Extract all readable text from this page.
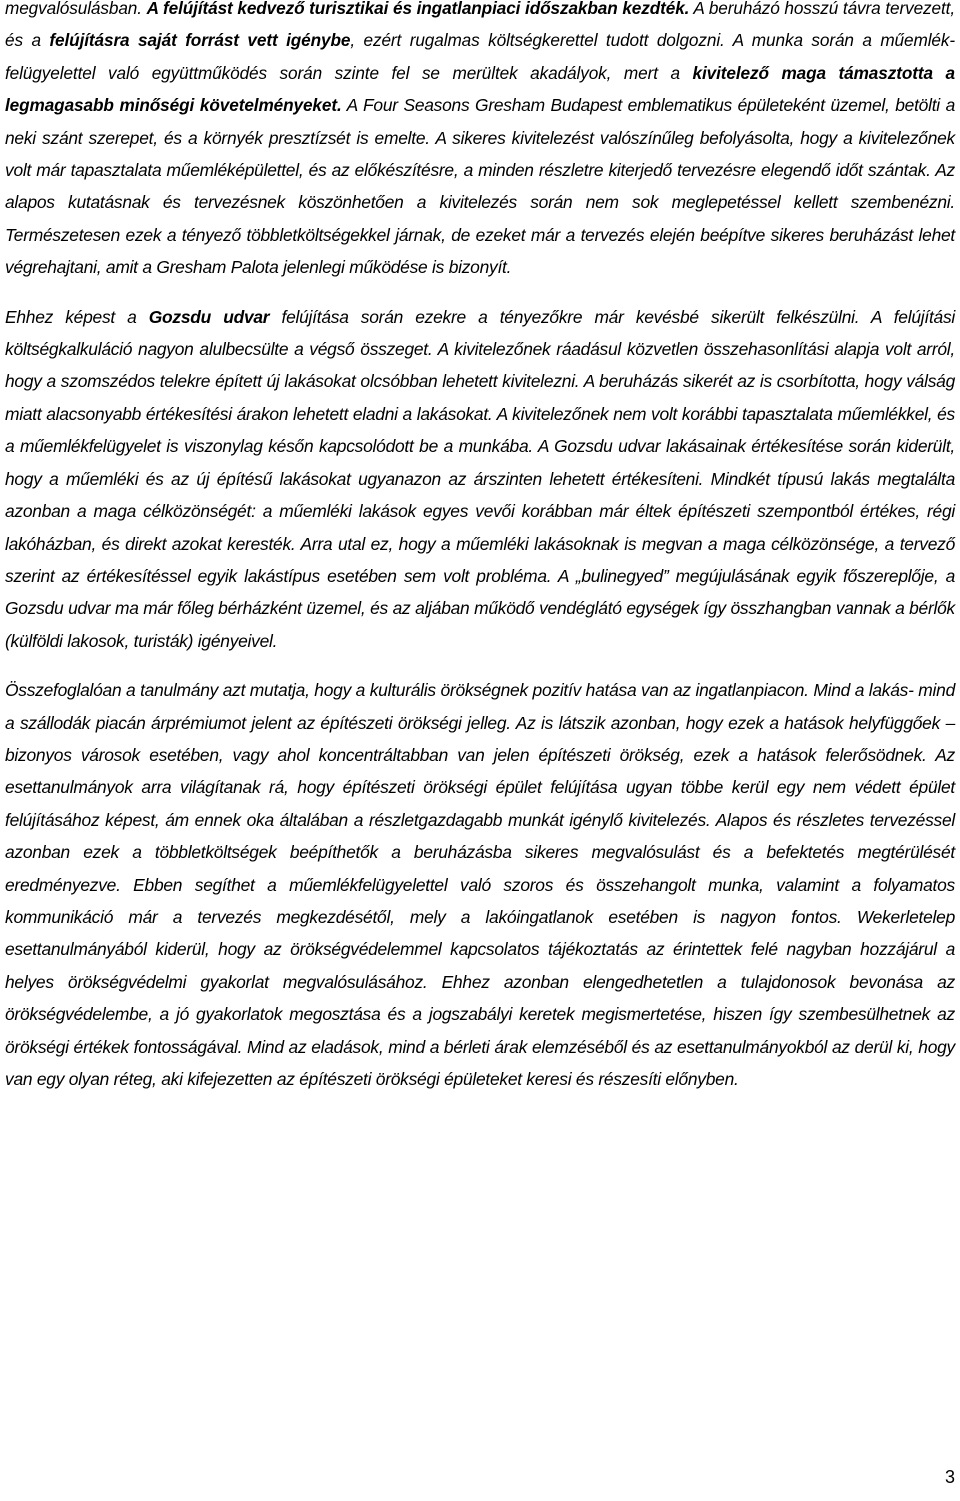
megvalósulásban. A felújítást kedvező turisztikai és ingatlanpiaci időszakban kezdték. A beruházó hosszú távra tervezett, és a felújításra saját forrást vett igénybe, ezért rugalmas költségkerettel tudott dolgozni. A munka során a műemlék-felügyelettel való együttműködés során szinte fel se merültek akadályok, mert a kivitelező maga támasztotta a legmagasabb minőségi követelményeket. A Four Seasons Gresham Budapest emblematikus épületeként üzemel, betölti a neki szánt szerepet, és a környék presztízsét is emelte. A sikeres kivitelezést valószínűleg befolyásolta, hogy a kivitelezőnek volt már tapasztalata műemléképülettel, és az előkészítésre, a minden részletre kiterjedő tervezésre elegendő időt szántak. Az alapos kutatásnak és tervezésnek köszönhetően a kivitelezés során nem sok meglepetéssel kellett szembenézni. Természetesen ezek a tényező többletköltségekkel járnak, de ezeket már a tervezés elején beépítve sikeres beruházást lehet végrehajtani, amit a Gresham Palota jelenlegi működése is bizonyít.

Ehhez képest a Gozsdu udvar felújítása során ezekre a tényezőkre már kevésbé sikerült felkészülni. A felújítási költségkalkuláció nagyon alulbecsülte a végső összeget. A kivitelezőnek ráadásul közvetlen összehasonlítási alapja volt arról, hogy a szomszédos telekre épített új lakásokat olcsóbban lehetett kivitelezni. A beruházás sikerét az is csorbította, hogy válság miatt alacsonyabb értékesítési árakon lehetett eladni a lakásokat. A kivitelezőnek nem volt korábbi tapasztalata műemlékkel, és a műemlékfelügyelet is viszonylag későn kapcsolódott be a munkába. A Gozsdu udvar lakásainak értékesítése során kiderült, hogy a műemléki és az új építésű lakásokat ugyanazon az árszinten lehetett értékesíteni. Mindkét típusú lakás megtalálta azonban a maga célközönségét: a műemléki lakások egyes vevői korábban már éltek építészeti szempontból értékes, régi lakóházban, és direkt azokat keresték. Arra utal ez, hogy a műemléki lakásoknak is megvan a maga célközönsége, a tervező szerint az értékesítéssel egyik lakástípus esetében sem volt probléma. A „bulinegyed” megújulásának egyik főszereplője, a Gozsdu udvar ma már főleg bérházként üzemel, és az aljában működő vendéglátó egységek így összhangban vannak a bérlők (külföldi lakosok, turisták) igényeivel.

Összefoglalóan a tanulmány azt mutatja, hogy a kulturális örökségnek pozitív hatása van az ingatlanpiacon. Mind a lakás- mind a szállodák piacán árprémiumot jelent az építészeti örökségi jelleg. Az is látszik azonban, hogy ezek a hatások helyfüggőek – bizonyos városok esetében, vagy ahol koncentráltabban van jelen építészeti örökség, ezek a hatások felerősödnek. Az esettanulmányok arra világítanak rá, hogy építészeti örökségi épület felújítása ugyan többe kerül egy nem védett épület felújításához képest, ám ennek oka általában a részletgazdagabb munkát igénylő kivitelezés. Alapos és részletes tervezéssel azonban ezek a többletköltségek beépíthetők a beruházásba sikeres megvalósulást és a befektetés megtérülését eredményezve. Ebben segíthet a műemlékfelügyelettel való szoros és összehangolt munka, valamint a folyamatos kommunikáció már a tervezés megkezdésétől, mely a lakóingatlanok esetében is nagyon fontos. Wekerletelep esettanulmányából kiderül, hogy az örökségvédelemmel kapcsolatos tájékoztatás az érintettek felé nagyban hozzájárul a helyes örökségvédelmi gyakorlat megvalósulásához. Ehhez azonban elengedhetetlen a tulajdonosok bevonása az örökségvédelembe, a jó gyakorlatok megosztása és a jogszabályi keretek megismertetése, hiszen így szembesülhetnek az örökségi értékek fontosságával. Mind az eladások, mind a bérleti árak elemzéséből és az esettanulmányokból az derül ki, hogy van egy olyan réteg, aki kifejezetten az építészeti örökségi épületeket keresi és részesíti előnyben.

3
